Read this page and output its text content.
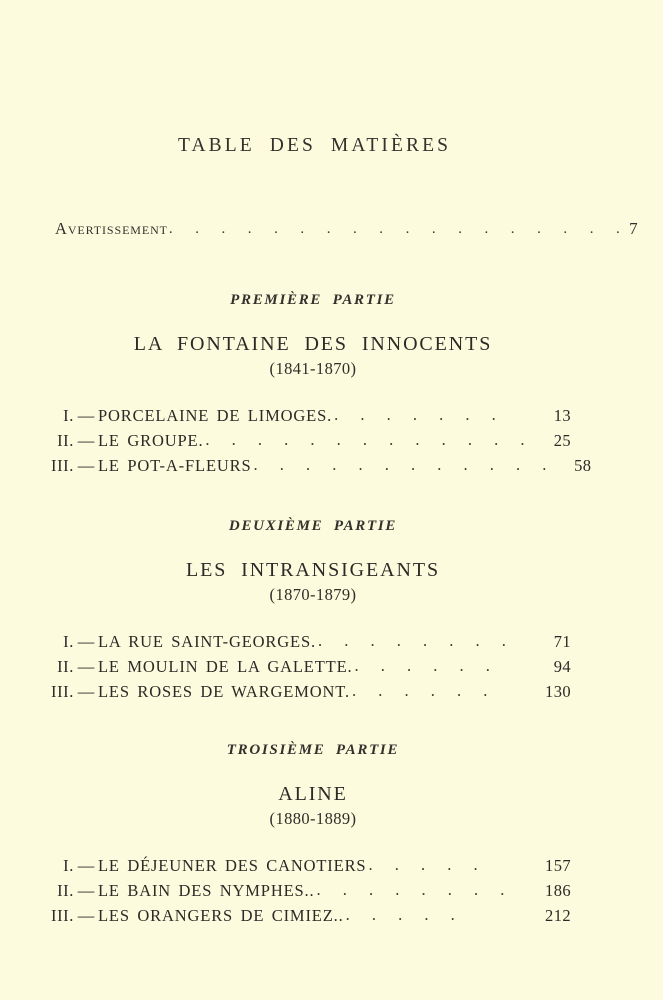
TABLE DES MATIÈRES
Avertissement . . . . . . . . . . . . . . . . . . 7
PREMIÈRE PARTIE
LA FONTAINE DES INNOCENTS
(1841-1870)
I. — PORCELAINE DE LIMOGES. . . . . . . .	13
II. — LE GROUPE. . . . . . . . . . . . . .	25
III. — LE POT-A-FLEURS . . . . . . . . . . . .	58
DEUXIÈME PARTIE
LES INTRANSIGEANTS
(1870-1879)
I. — LA RUE SAINT-GEORGES. . . . . . . . .	71
II. — LE MOULIN DE LA GALETTE. . . . . . .	94
III. — LES ROSES DE WARGEMONT. . . . . . .	130
TROISIÈME PARTIE
ALINE
(1880-1889)
I. — LE DÉJEUNER DES CANOTIERS . . . . .	157
II. — LE BAIN DES NYMPHES.. . . . . . . . .	186
III. — LES ORANGERS DE CIMIEZ.. . . . . .	212
